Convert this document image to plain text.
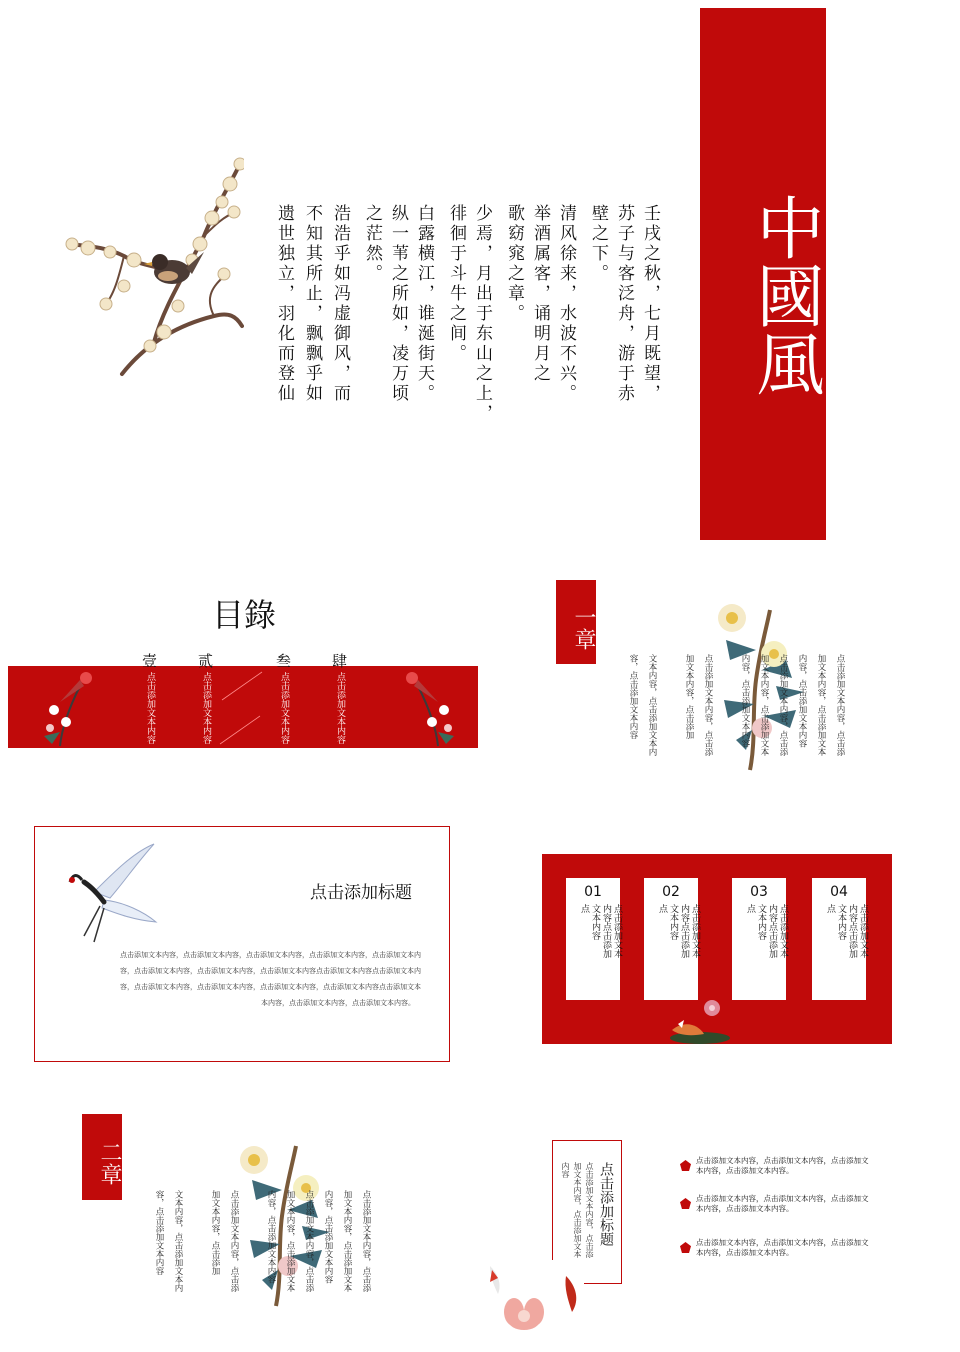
中國風
壬戌之秋，七月既望，
苏子与客泛舟，游于赤
壁之下。
清风徐来，水波不兴。
举酒属客，诵明月之
歌窈窕之章。
少焉，月出于东山之上，
徘徊于斗牛之间。
白露横江，谁涎街天。
纵一苇之所如，凌万顷
之茫然。
浩浩乎如冯虚御风，而
不知其所止，飘飘乎如
遗世独立，羽化而登仙
目錄
壹	贰	叁	肆
点击添加文本内容	点击添加文本内容	点击添加文本内容	点击添加文本内容
一章
点击添加文本内容，点击添
加文本内容，点击添加文本
内容，点击添加文本内容
点击添加文本内容，点击添
加文本内容，点击添加文本
内容，点击添加文本内容
点击添加文本内容，点击添
加文本内容，点击添加
文本内容，点击添加文本内
容，点击添加文本内容
点击添加标题
点击添加文本内容，点击添加文本内容，点击添加文本内容，点击添加文本内容，点击添加文本内
容，点击添加文本内容，点击添加文本内容，点击添加文本内容点击添加文本内容点击添加文本内
容，点击添加文本内容，点击添加文本内容，点击添加文本内容，点击添加文本内容点击添加文本
本内容，点击添加文本内容，点击添加文本内容。
01
点击添加文本
内容点击添加
文本内容
点
02
点击添加文本
内容点击添加
文本内容
点
03
点击添加文本
内容点击添加
文本内容
点
04
点击添加文本
内容点击添加
文本内容
点
二章
点击添加文本内容，点击添
加文本内容，点击添加文本
内容，点击添加文本内容
点击添加文本内容，点击添
加文本内容，点击添加文本
内容，点击添加文本内容
点击添加文本内容，点击添
加文本内容，点击添加
文本内容，点击添加文本内
容，点击添加文本内容	点击添加标题
点击添加文本内容，点击添
加文本内容，点击添加文本
内容
点击添加文本内容，点击添加文本内容，点击添加文
本内容，点击添加文本内容。
点击添加文本内容，点击添加文本内容，点击添加文
本内容，点击添加文本内容。
点击添加文本内容，点击添加文本内容，点击添加文
本内容，点击添加文本内容。
